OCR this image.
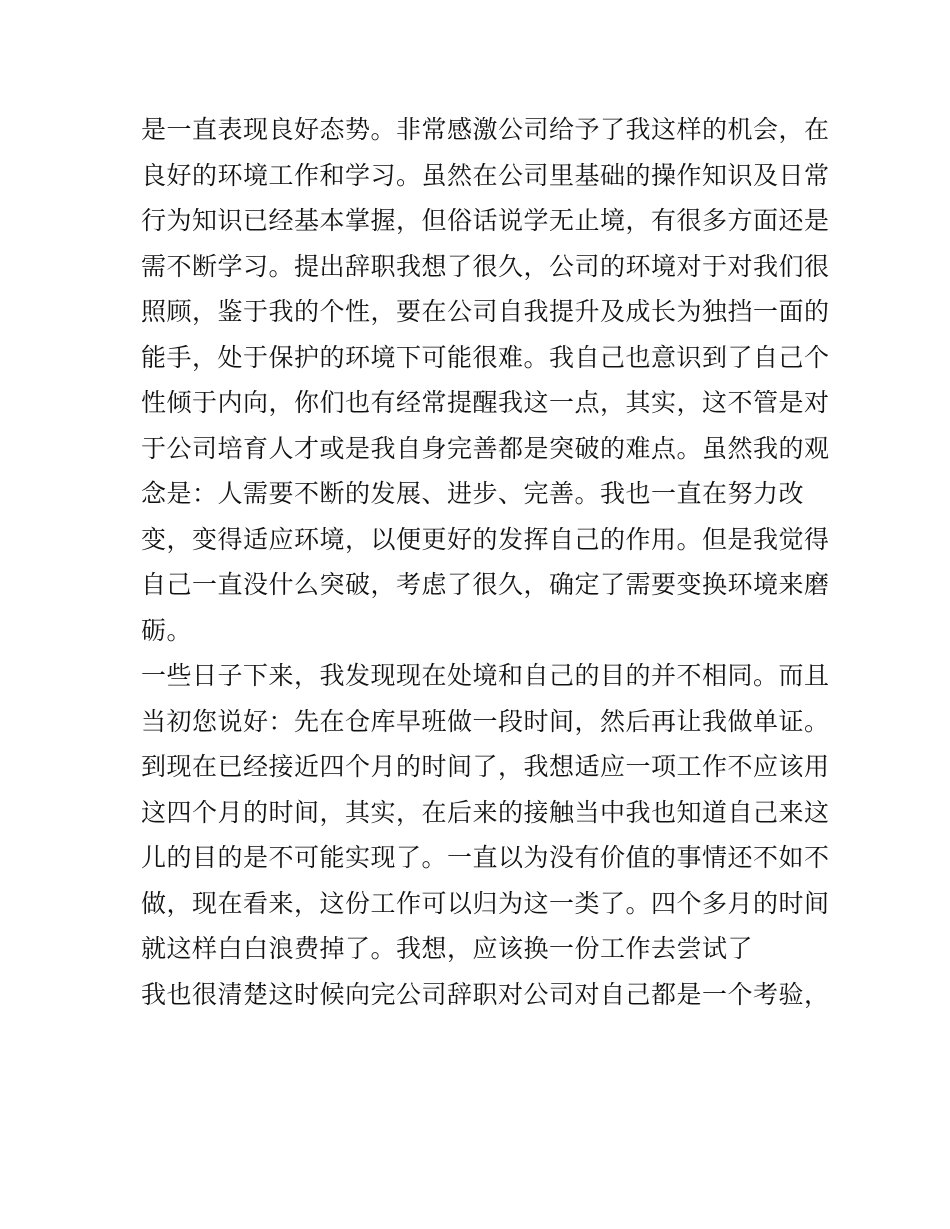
是一直表现良好态势。非常感激公司给予了我这样的机会，在
良好的环境工作和学习。虽然在公司里基础的操作知识及日常
行为知识已经基本掌握，但俗话说学无止境，有很多方面还是
需不断学习。提出辞职我想了很久，公司的环境对于对我们很
照顾，鉴于我的个性，要在公司自我提升及成长为独挡一面的
能手，处于保护的环境下可能很难。我自己也意识到了自己个
性倾于内向，你们也有经常提醒我这一点，其实，这不管是对
于公司培育人才或是我自身完善都是突破的难点。虽然我的观
念是：人需要不断的发展、进步、完善。我也一直在努力改
变，变得适应环境，以便更好的发挥自己的作用。但是我觉得
自己一直没什么突破，考虑了很久，确定了需要变换环境来磨
砺。
一些日子下来，我发现现在处境和自己的目的并不相同。而且
当初您说好：先在仓库早班做一段时间，然后再让我做单证。
到现在已经接近四个月的时间了，我想适应一项工作不应该用
这四个月的时间，其实，在后来的接触当中我也知道自己来这
儿的目的是不可能实现了。一直以为没有价值的事情还不如不
做，现在看来，这份工作可以归为这一类了。四个多月的时间
就这样白白浪费掉了。我想，应该换一份工作去尝试了
我也很清楚这时候向完公司辞职对公司对自己都是一个考验，
